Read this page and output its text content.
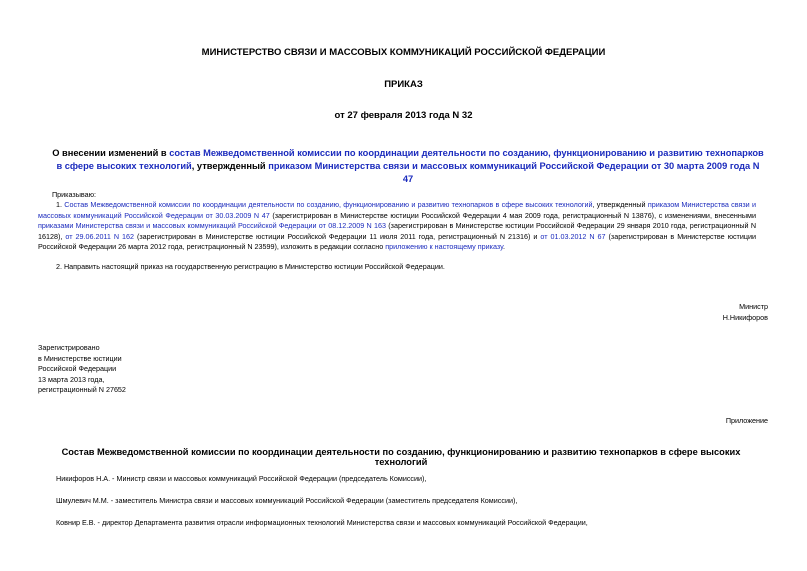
МИНИСТЕРСТВО СВЯЗИ И МАССОВЫХ КОММУНИКАЦИЙ РОССИЙСКОЙ ФЕДЕРАЦИИ
ПРИКАЗ
от 27 февраля 2013 года N 32
О внесении изменений в состав Межведомственной комиссии по координации деятельности по созданию, функционированию и развитию технопарков в сфере высоких технологий, утвержденный приказом Министерства связи и массовых коммуникаций Российской Федерации от 30 марта 2009 года N 47
Приказываю:
1. Состав Межведомственной комиссии по координации деятельности по созданию, функционированию и развитию технопарков в сфере высоких технологий, утвержденный приказом Министерства связи и массовых коммуникаций Российской Федерации от 30.03.2009 N 47 (зарегистрирован в Министерстве юстиции Российской Федерации 4 мая 2009 года, регистрационный N 13876), с изменениями, внесенными приказами Министерства связи и массовых коммуникаций Российской Федерации от 08.12.2009 N 163 (зарегистрирован в Министерстве юстиции Российской Федерации 29 января 2010 года, регистрационный N 16128), от 29.06.2011 N 162 (зарегистрирован в Министерстве юстиции Российской Федерации 11 июля 2011 года, регистрационный N 21316) и от 01.03.2012 N 67 (зарегистрирован в Министерстве юстиции Российской Федерации 26 марта 2012 года, регистрационный N 23599), изложить в редакции согласно приложению к настоящему приказу.
2. Направить настоящий приказ на государственную регистрацию в Министерство юстиции Российской Федерации.
Министр
Н.Никифоров
Зарегистрировано
в Министерстве юстиции
Российской Федерации
13 марта 2013 года,
регистрационный N 27652
Приложение
Состав Межведомственной комиссии по координации деятельности по созданию, функционированию и развитию технопарков в сфере высоких технологий
Никифоров Н.А. - Министр связи и массовых коммуникаций Российской Федерации (председатель Комиссии),
Шмулевич М.М. - заместитель Министра связи и массовых коммуникаций Российской Федерации (заместитель председателя Комиссии),
Ковнир Е.В. - директор Департамента развития отрасли информационных технологий Министерства связи и массовых коммуникаций Российской Федерации,
